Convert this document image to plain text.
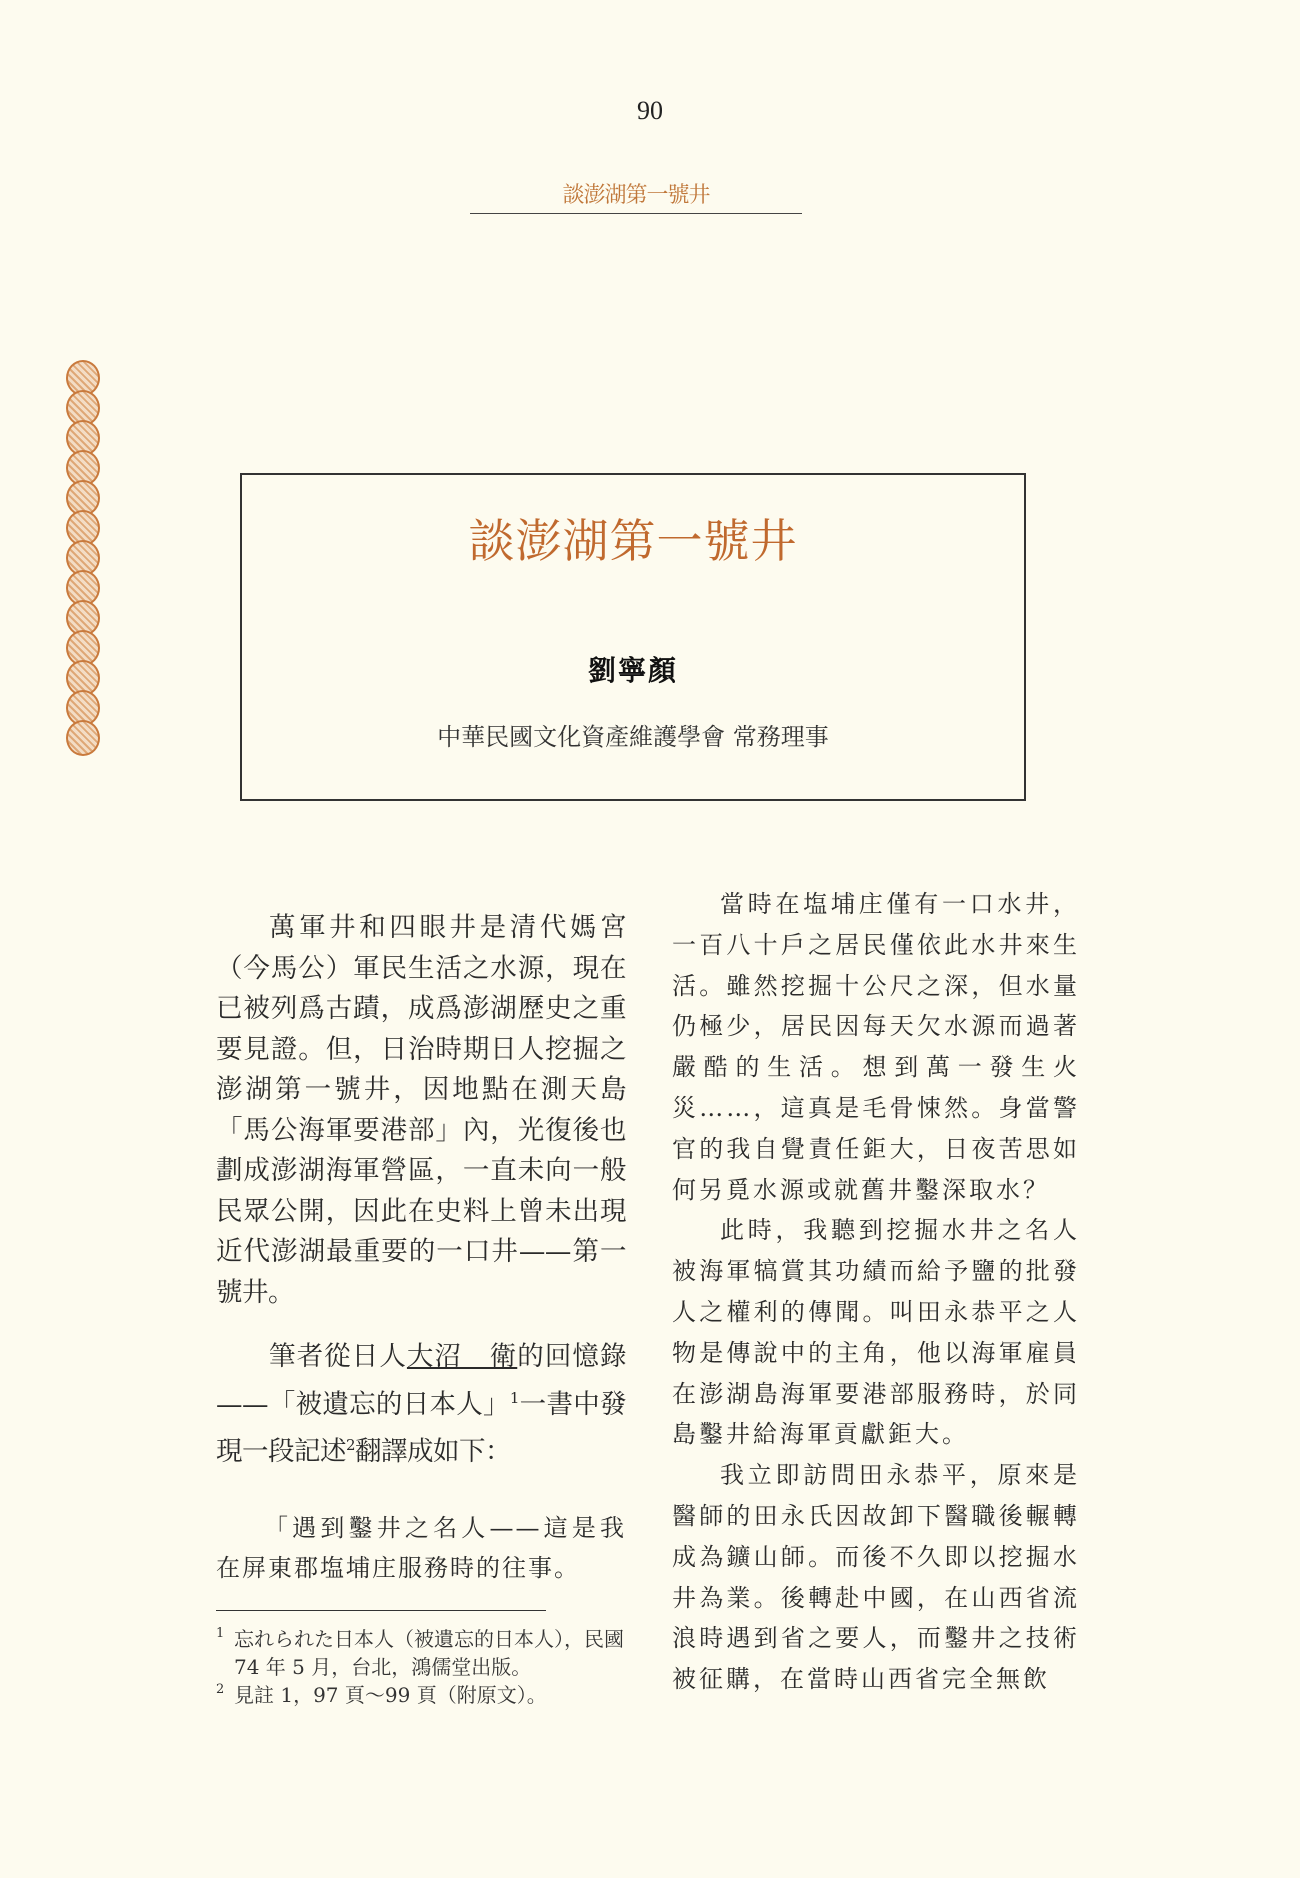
90
談澎湖第一號井
談澎湖第一號井
劉寧顏
中華民國文化資產維護學會 常務理事

萬軍井和四眼井是清代媽宮（今馬公）軍民生活之水源，現在已被列爲古蹟，成爲澎湖歷史之重要見證。但，日治時期日人挖掘之澎湖第一號井，因地點在測天島「馬公海軍要港部」內，光復後也劃成澎湖海軍營區，一直未向一般民眾公開，因此在史料上曾未出現近代澎湖最重要的一口井——第一號井。

筆者從日人大沼　衛的回憶錄——「被遺忘的日本人」$^1$一書中發現一段記述$^2$翻譯成如下：

「遇到鑿井之名人——這是我在屏東郡塩埔庄服務時的往事。

1 忘れられた日本人（被遺忘的日本人），民國 74 年 5 月，台北，鴻儒堂出版。
2 見註 1，97 頁～99 頁（附原文）。

當時在塩埔庄僅有一口水井，一百八十戶之居民僅依此水井來生活。雖然挖掘十公尺之深，但水量仍極少，居民因每天欠水源而過著嚴酷的生活。想到萬一發生火災……，這真是毛骨悚然。身當警官的我自覺責任鉅大，日夜苦思如何另覓水源或就舊井鑿深取水？

此時，我聽到挖掘水井之名人被海軍犒賞其功績而給予鹽的批發人之權利的傳聞。叫田永恭平之人物是傳說中的主角，他以海軍雇員在澎湖島海軍要港部服務時，於同島鑿井給海軍貢獻鉅大。

我立即訪問田永恭平，原來是醫師的田永氏因故卸下醫職後輾轉成為鑛山師。而後不久即以挖掘水井為業。後轉赴中國，在山西省流浪時遇到省之要人，而鑿井之技術被征購，在當時山西省完全無飲
